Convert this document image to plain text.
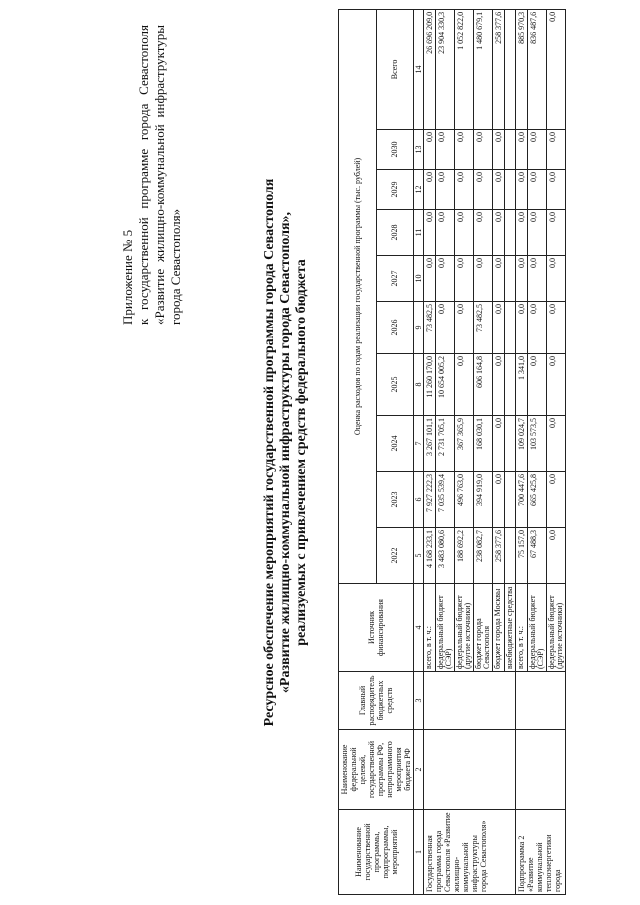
Приложение № 5 к
государственной
программе
города
Севастополя
«Развитие
жилищно-коммунальной
инфраструктуры
города Севастополя»	Ресурсное обеспечение мероприятий государственной программы города Севастополя «Развитие жилищно-коммунальной инфраструктуры города Севастополя», реализуемых с привлечением средств федерального бюджета
Наименование государственной программы, подпрограммы, мероприятий	Наименование федеральной целевой, государственной программы РФ, непрограммного мероприятия бюджета РФ	Главный распорядитель бюджетных средств	Источник финансирования	Оценка расходов по годам реализации государственной программы (тыс. рублей)									
				2022	2023	2024	2025	2026	2027	2028	2029	2030	Всего
1	2	3	4	5	6	7	8	9	10	11	12	13	14
Государственная программа города Севастополя «Развитие жилищно-коммунальной инфраструктуры города Севастополя»			всего, в т. ч.:	4 168 233,1	7 927 222,3	3 267 101,1	11 260 170,0	73 482,5	0,0	0,0	0,0	0,0	26 696 209,0
			федеральный бюджет (СЭР)	3 483 080,6	7 035 539,4	2 731 705,1	10 654 005,2	0,0	0,0	0,0	0,0	0,0	23 904 330,3
			федеральный бюджет (другие источники)	188 692,2	496 763,0	367 365,9	0,0	0,0	0,0	0,0	0,0	0,0	1 052 822,0
			бюджет города Севастополя	238 082,7	394 919,0	168 030,1	606 164,8	73 482,5	0,0	0,0	0,0	0,0	1 480 679,1
			бюджет города Москвы	258 377,6	0,0	0,0	0,0	0,0	0,0	0,0	0,0	0,0	258 377,6
			внебюджетные средства										
Подпрограмма 2 «Развитие коммунальной теплоэнергетики города			всего, в т. ч.:	75 157,0	700 447,6	109 024,7	1 341,0	0,0	0,0	0,0	0,0	0,0	885 970,3
			федеральный бюджет (СЭР)	67 488,3	665 425,8	103 573,5	0,0	0,0	0,0	0,0	0,0	0,0	836 487,6
			федеральный бюджет (другие источники)	0,0	0,0	0,0	0,0	0,0	0,0	0,0	0,0	0,0	0,0
